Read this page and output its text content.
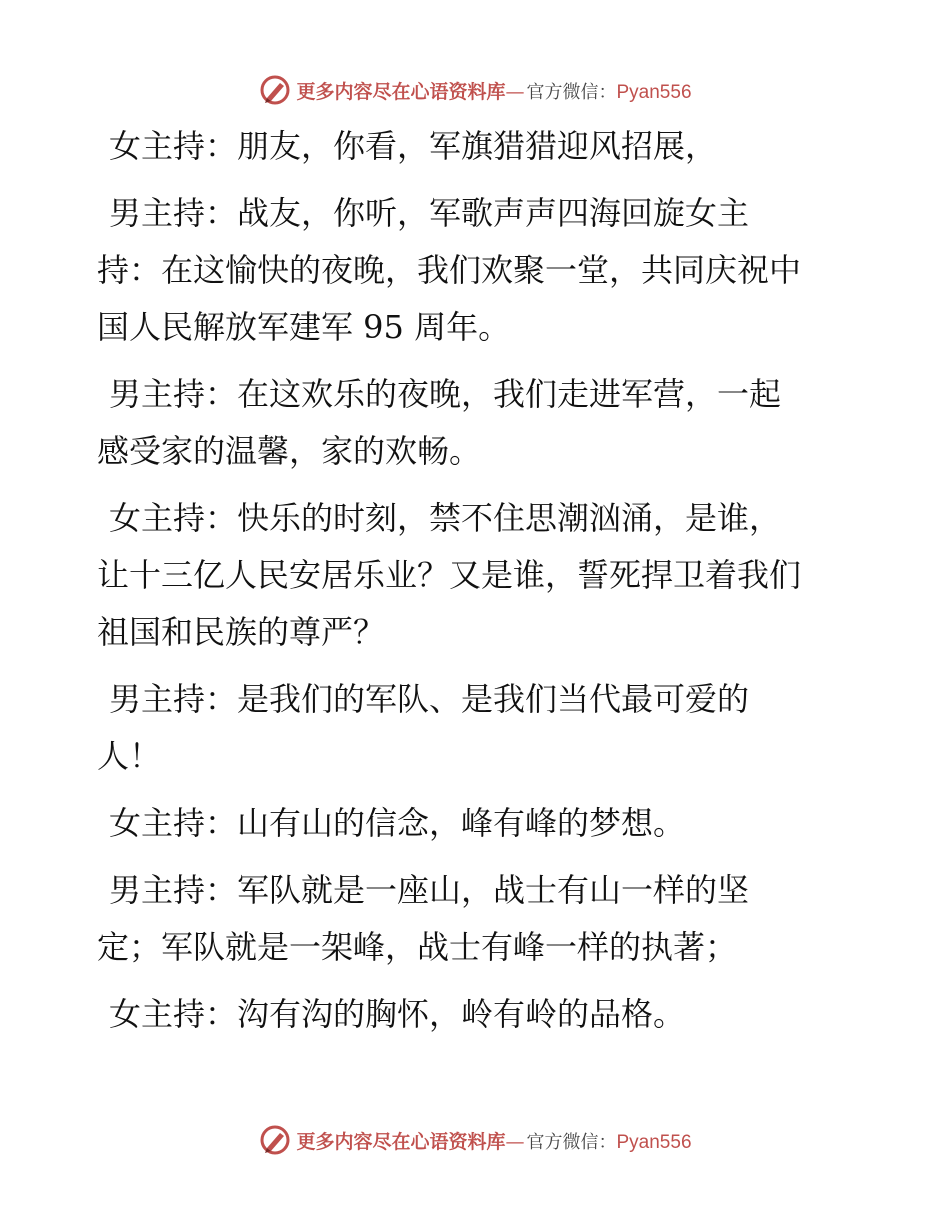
更多内容尽在心语资料库 — 官方微信： Pyan556

女主持：朋友，你看，军旗猎猎迎风招展，

男主持：战友，你听，军歌声声四海回旋女主
持：在这愉快的夜晚，我们欢聚一堂，共同庆祝中
国人民解放军建军 95 周年。

男主持：在这欢乐的夜晚，我们走进军营，一起
感受家的温馨，家的欢畅。

女主持：快乐的时刻，禁不住思潮汹涌，是谁，
让十三亿人民安居乐业？又是谁，誓死捍卫着我们
祖国和民族的尊严？

男主持：是我们的军队、是我们当代最可爱的
人！

女主持：山有山的信念，峰有峰的梦想。

男主持：军队就是一座山，战士有山一样的坚
定；军队就是一架峰，战士有峰一样的执著；

女主持：沟有沟的胸怀，岭有岭的品格。

更多内容尽在心语资料库 — 官方微信： Pyan556
